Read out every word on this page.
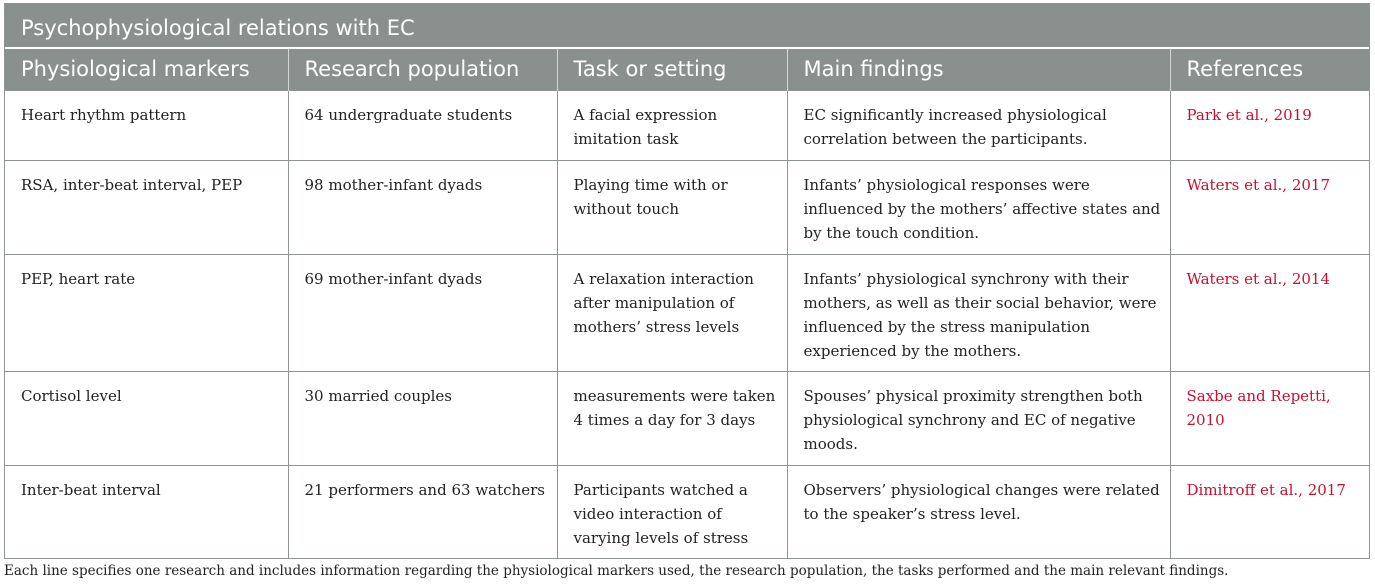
Psychophysiological relations with EC
Physiological markers	Research population	Task or setting	Main findings	References
Heart rhythm pattern	64 undergraduate students	A facial expression imitation task	EC significantly increased physiological correlation between the participants.	Park et al., 2019
RSA, inter-beat interval, PEP	98 mother-infant dyads	Playing time with or without touch	Infants’ physiological responses were influenced by the mothers’ affective states and by the touch condition.	Waters et al., 2017
PEP, heart rate	69 mother-infant dyads	A relaxation interaction after manipulation of mothers’ stress levels	Infants’ physiological synchrony with their mothers, as well as their social behavior, were influenced by the stress manipulation experienced by the mothers.	Waters et al., 2014
Cortisol level	30 married couples	measurements were taken 4 times a day for 3 days	Spouses’ physical proximity strengthen both physiological synchrony and EC of negative moods.	Saxbe and Repetti, 2010
Inter-beat interval	21 performers and 63 watchers	Participants watched a video interaction of varying levels of stress	Observers’ physiological changes were related to the speaker’s stress level.	Dimitroff et al., 2017
Each line specifies one research and includes information regarding the physiological markers used, the research population, the tasks performed and the main relevant findings.
